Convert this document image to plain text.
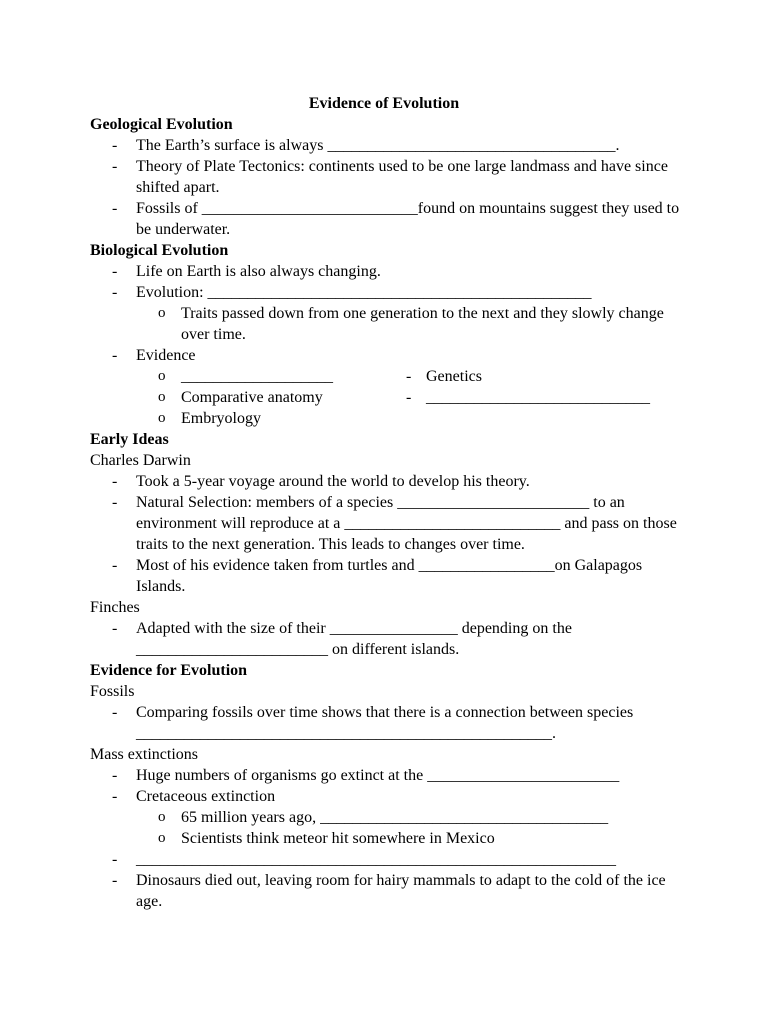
Evidence of Evolution
Geological Evolution
- The Earth’s surface is always ____________________________________.
- Theory of Plate Tectonics: continents used to be one large landmass and have since shifted apart.
- Fossils of ___________________________found on mountains suggest they used to be underwater.
Biological Evolution
- Life on Earth is also always changing.
- Evolution: ________________________________________________
o Traits passed down from one generation to the next and they slowly change over time.
- Evidence
o ___________________	- Genetics
o Comparative anatomy	- ____________________________
o Embryology
Early Ideas
Charles Darwin
- Took a 5-year voyage around the world to develop his theory.
- Natural Selection: members of a species ________________________ to an environment will reproduce at a ___________________________ and pass on those traits to the next generation. This leads to changes over time.
- Most of his evidence taken from turtles and _________________on Galapagos Islands.
Finches
- Adapted with the size of their ________________ depending on the ________________________ on different islands.
Evidence for Evolution
Fossils
- Comparing fossils over time shows that there is a connection between species ____________________________________________________.
Mass extinctions
- Huge numbers of organisms go extinct at the ________________________
- Cretaceous extinction
o 65 million years ago, ____________________________________
o Scientists think meteor hit somewhere in Mexico
- ____________________________________________________________
- Dinosaurs died out, leaving room for hairy mammals to adapt to the cold of the ice age.
